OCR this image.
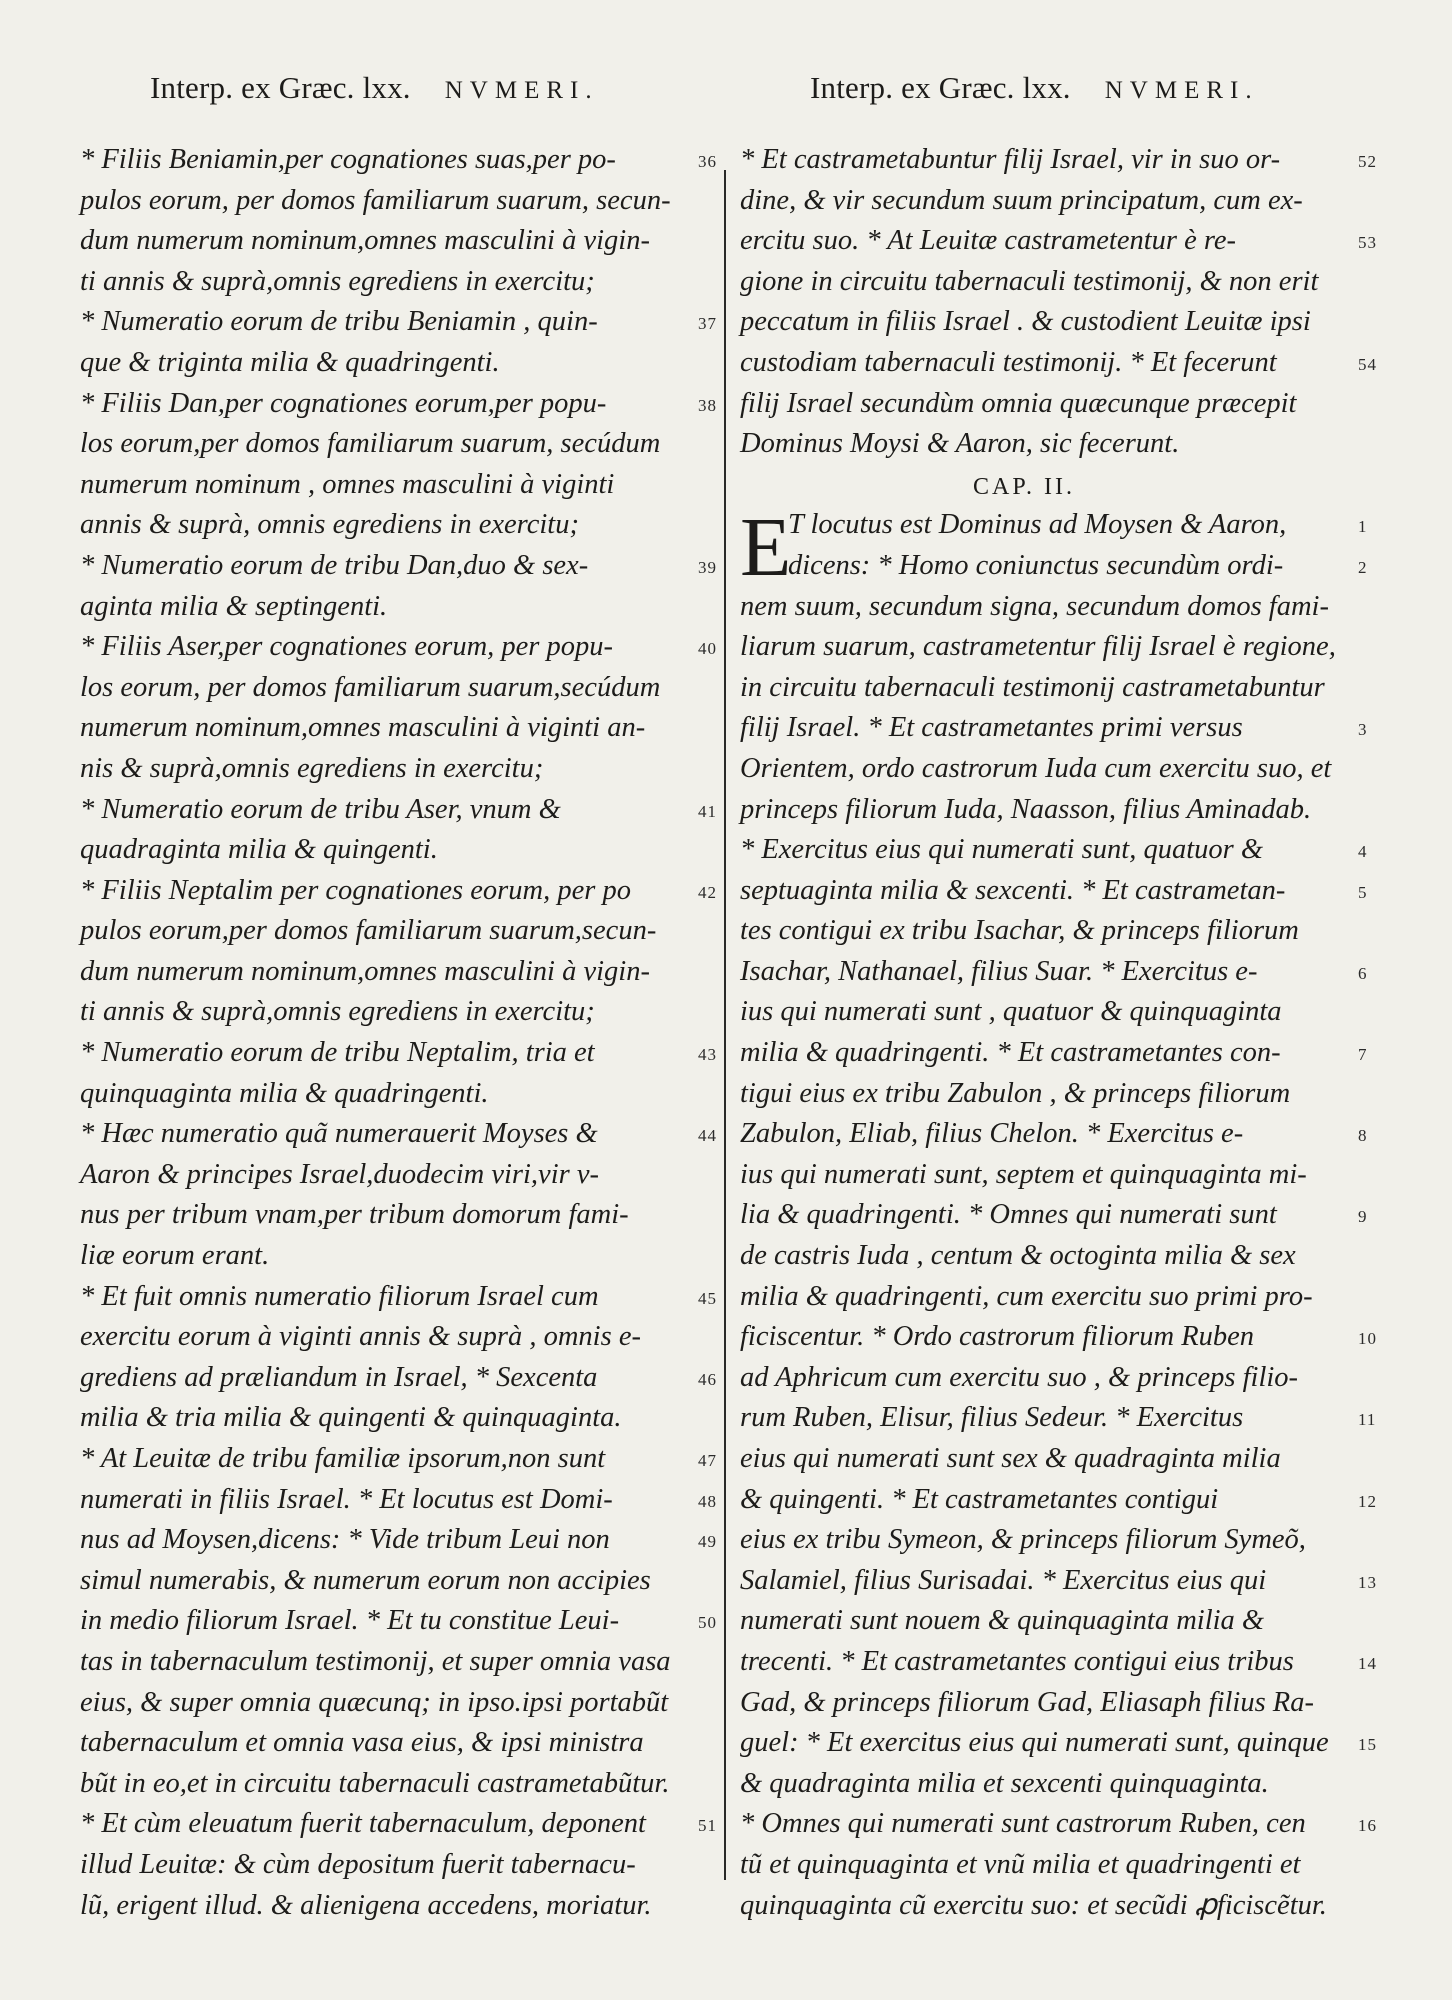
Interp. ex Græc. lxx. NVMERI.	Interp. ex Græc. lxx. NVMERI.
* Filiis Beniamin,per cognationes suas,per po-	36
pulos eorum, per domos familiarum suarum, secun-
dum numerum nominum,omnes masculini à vigin-
ti annis & suprà,omnis egrediens in exercitu;
* Numeratio eorum de tribu Beniamin , quin-	37
que & triginta milia & quadringenti.
* Filiis Dan,per cognationes eorum,per popu-	38
los eorum,per domos familiarum suarum, secúdum
numerum nominum , omnes masculini à viginti
annis & suprà, omnis egrediens in exercitu;
* Numeratio eorum de tribu Dan,duo & sex-	39
aginta milia & septingenti.
* Filiis Aser,per cognationes eorum, per popu-	40
los eorum, per domos familiarum suarum,secúdum
numerum nominum,omnes masculini à viginti an-
nis & suprà,omnis egrediens in exercitu;
* Numeratio eorum de tribu Aser, vnum &	41
quadraginta milia & quingenti.
* Filiis Neptalim per cognationes eorum, per po	42
pulos eorum,per domos familiarum suarum,secun-
dum numerum nominum,omnes masculini à vigin-
ti annis & suprà,omnis egrediens in exercitu;
* Numeratio eorum de tribu Neptalim, tria et	43
quinquaginta milia & quadringenti.
* Hæc numeratio quã numerauerit Moyses &	44
Aaron & principes Israel,duodecim viri,vir v-
nus per tribum vnam,per tribum domorum fami-
liæ eorum erant.
* Et fuit omnis numeratio filiorum Israel cum	45
exercitu eorum à viginti annis & suprà , omnis e-
grediens ad præliandum in Israel, * Sexcenta	46
milia & tria milia & quingenti & quinquaginta.
* At Leuitæ de tribu familiæ ipsorum,non sunt	47
numerati in filiis Israel. * Et locutus est Domi-	48
nus ad Moysen,dicens: * Vide tribum Leui non	49
simul numerabis, & numerum eorum non accipies
in medio filiorum Israel. * Et tu constitue Leui-	50
tas in tabernaculum testimonij, et super omnia vasa
eius, & super omnia quæcunq; in ipso.ipsi portabũt
tabernaculum et omnia vasa eius, & ipsi ministra
bũt in eo,et in circuitu tabernaculi castrametabũtur.
* Et cùm eleuatum fuerit tabernaculum, deponent	51
illud Leuitæ: & cùm depositum fuerit tabernacu-
lũ, erigent illud. & alienigena accedens, moriatur.
* Et castrametabuntur filij Israel, vir in suo or-	52
dine, & vir secundum suum principatum, cum ex-
ercitu suo. * At Leuitæ castrametentur è re-	53
gione in circuitu tabernaculi testimonij, & non erit
peccatum in filiis Israel . & custodient Leuitæ ipsi
custodiam tabernaculi testimonij. * Et fecerunt	54
filij Israel secundùm omnia quæcunque præcepit
Dominus Moysi & Aaron, sic fecerunt.
CAP. II.
E
T locutus est Dominus ad Moysen & Aaron,	1
dicens: * Homo coniunctus secundùm ordi-	2
nem suum, secundum signa, secundum domos fami-
liarum suarum, castrametentur filij Israel è regione,
in circuitu tabernaculi testimonij castrametabuntur
filij Israel. * Et castrametantes primi versus	3
Orientem, ordo castrorum Iuda cum exercitu suo, et
princeps filiorum Iuda, Naasson, filius Aminadab.
* Exercitus eius qui numerati sunt, quatuor &	4
septuaginta milia & sexcenti. * Et castrametan-	5
tes contigui ex tribu Isachar, & princeps filiorum
Isachar, Nathanael, filius Suar. * Exercitus e-	6
ius qui numerati sunt , quatuor & quinquaginta
milia & quadringenti. * Et castrametantes con-	7
tigui eius ex tribu Zabulon , & princeps filiorum
Zabulon, Eliab, filius Chelon. * Exercitus e-	8
ius qui numerati sunt, septem et quinquaginta mi-
lia & quadringenti. * Omnes qui numerati sunt	9
de castris Iuda , centum & octoginta milia & sex
milia & quadringenti, cum exercitu suo primi pro-
ficiscentur. * Ordo castrorum filiorum Ruben	10
ad Aphricum cum exercitu suo , & princeps filio-
rum Ruben, Elisur, filius Sedeur. * Exercitus	11
eius qui numerati sunt sex & quadraginta milia
& quingenti. * Et castrametantes contigui	12
eius ex tribu Symeon, & princeps filiorum Symeõ,
Salamiel, filius Surisadai. * Exercitus eius qui	13
numerati sunt nouem & quinquaginta milia &
trecenti. * Et castrametantes contigui eius tribus	14
Gad, & princeps filiorum Gad, Eliasaph filius Ra-
guel: * Et exercitus eius qui numerati sunt, quinque 15
& quadraginta milia et sexcenti quinquaginta.
* Omnes qui numerati sunt castrorum Ruben, cen	16
tũ et quinquaginta et vnũ milia et quadringenti et
quinquaginta cũ exercitu suo: et secũdi ꝓficiscẽtur.
